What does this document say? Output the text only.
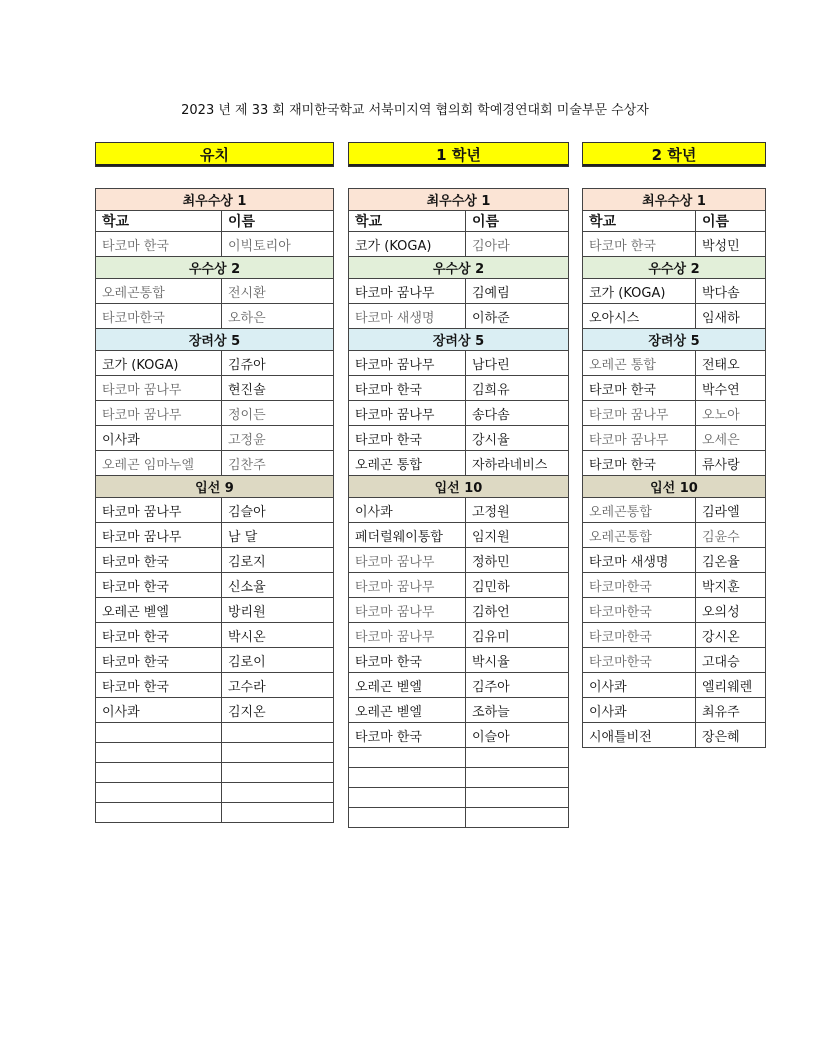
2023 년 제 33 회 재미한국학교 서북미지역 협의회 학예경연대회 미술부문 수상자
유치
최우수상 1	
학교	이름
타코마 한국	이빅토리아
우수상 2	
오레곤통합	전시환
타코마한국	오하은
장려상 5	
코가 (KOGA)	김쥬아
타코마 꿈나무	현진솔
타코마 꿈나무	정이든
이사콰	고정윤
오레곤 임마누엘	김찬주
입선 9	
타코마 꿈나무	김슬아
타코마 꿈나무	남 달
타코마 한국	김로지
타코마 한국	신소율
오레곤 벧엘	방리원
타코마 한국	박시온
타코마 한국	김로이
타코마 한국	고수라
이사콰	김지온

1 학년
최우수상 1	
학교	이름
코가 (KOGA)	김아라
우수상 2	
타코마 꿈나무	김예림
타코마 새생명	이하준
장려상 5	
타코마 꿈나무	남다린
타코마 한국	김희유
타코마 꿈나무	송다솜
타코마 한국	강시율
오레곤 통합	자하라네비스
입선 10	
이사콰	고정원
페더럴웨이통합	임지원
타코마 꿈나무	정하민
타코마 꿈나무	김민하
타코마 꿈나무	김하언
타코마 꿈나무	김유미
타코마 한국	박시율
오레곤 벧엘	김주아
오레곤 벧엘	조하늘
타코마 한국	이슬아

2 학년
최우수상 1	
학교	이름
타코마 한국	박성민
우수상 2	
코가 (KOGA)	박다솜
오아시스	임새하
장려상 5	
오레곤 통합	전태오
타코마 한국	박수연
타코마 꿈나무	오노아
타코마 꿈나무	오세은
타코마 한국	류사랑
입선 10	
오레곤통합	김라엘
오레곤통합	김윤수
타코마 새생명	김온율
타코마한국	박지훈
타코마한국	오의성
타코마한국	강시온
타코마한국	고대승
이사콰	엘리웨렌
이사콰	최유주
시애틀비전	장은혜
